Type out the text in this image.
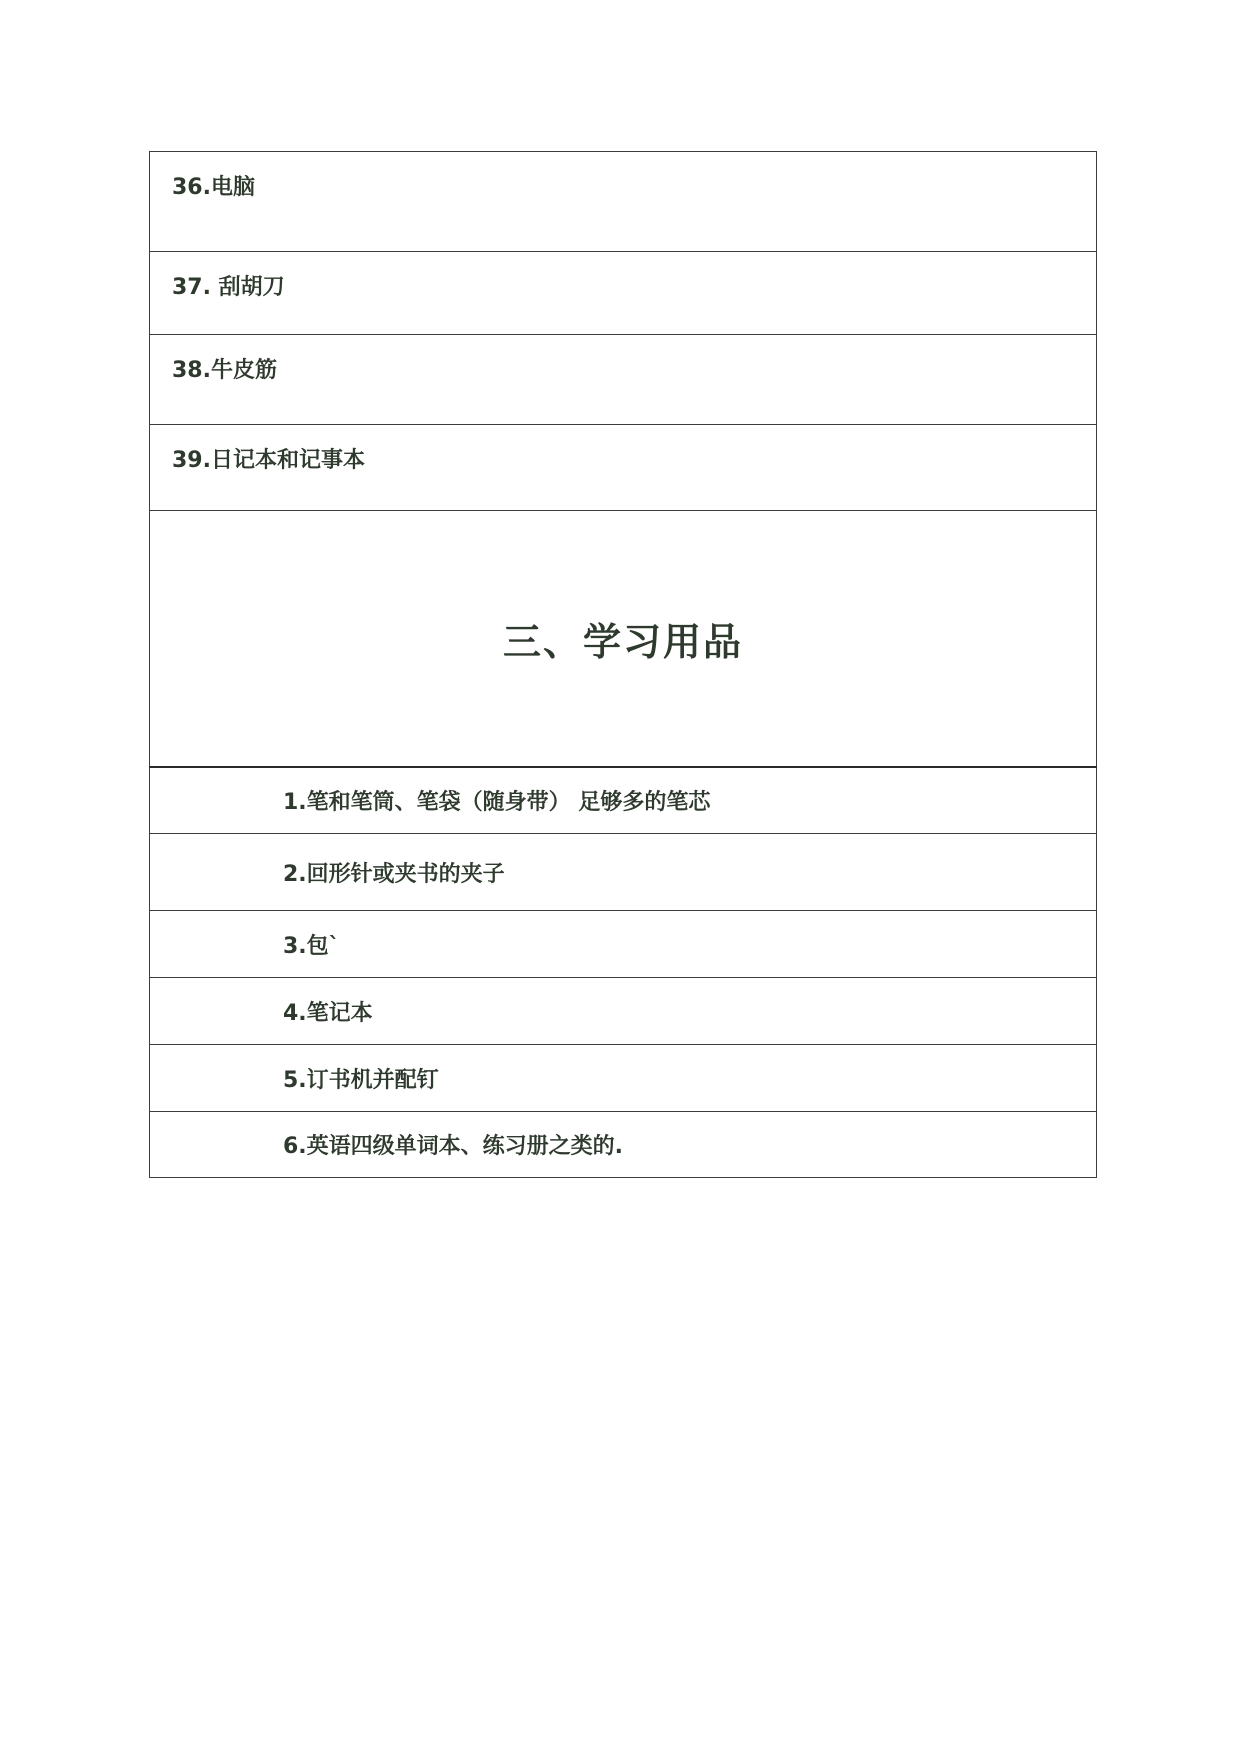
36.电脑
37. 刮胡刀
38.牛皮筋
39.日记本和记事本
三、学习用品
1.笔和笔筒、笔袋（随身带） 足够多的笔芯
2.回形针或夹书的夹子
3.包`
4.笔记本
5.订书机并配钉
6.英语四级单词本、练习册之类的.
